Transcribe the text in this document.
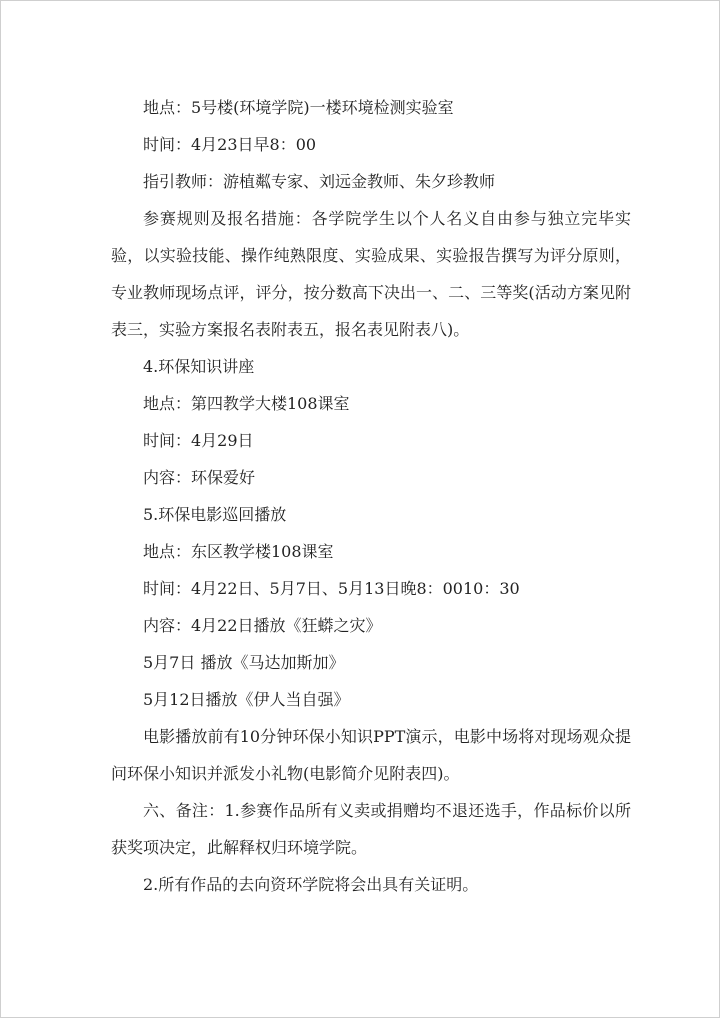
地点：5号楼(环境学院)一楼环境检测实验室

时间：4月23日早8：00

指引教师：游植粼专家、刘远金教师、朱夕珍教师

参赛规则及报名措施：各学院学生以个人名义自由参与独立完毕实验，以实验技能、操作纯熟限度、实验成果、实验报告撰写为评分原则，专业教师现场点评，评分，按分数高下决出一、二、三等奖(活动方案见附表三，实验方案报名表附表五，报名表见附表八)。

4.环保知识讲座

地点：第四教学大楼108课室

时间：4月29日

内容：环保爱好

5.环保电影巡回播放

地点：东区教学楼108课室

时间：4月22日、5月7日、5月13日晚8：0010：30

内容：4月22日播放《狂蟒之灾》

5月7日 播放《马达加斯加》

5月12日播放《伊人当自强》

电影播放前有10分钟环保小知识PPT演示，电影中场将对现场观众提问环保小知识并派发小礼物(电影简介见附表四)。

六、备注：1.参赛作品所有义卖或捐赠均不退还选手，作品标价以所获奖项决定，此解释权归环境学院。

2.所有作品的去向资环学院将会出具有关证明。
